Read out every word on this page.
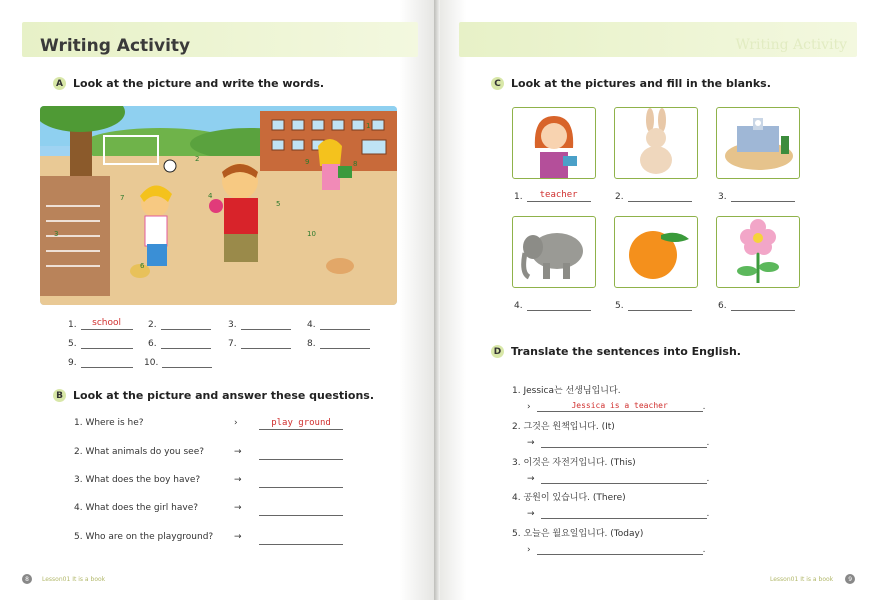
Writing Activity
A Look at the picture and write the words.
1
2
3
4
5
6
7
8
9
10
1.	school	2.	3.	4.
5.	6.	7.	8.
9.	10.
B Look at the picture and answer these questions.
1. Where is he?	›	play ground
2. What animals do you see?	→
3. What does the boy have?	→
4. What does the girl have?	→
5. Who are on the playground? →
8	Lesson01 It is a book
Writing Activity
C Look at the pictures and fill in the blanks.
1.	teacher	2.	3.
4.	5.	6.
D Translate the sentences into English.
1. Jessica는 선생님입니다.
›	Jessica is a teacher	.
2. 그것은 원책입니다. (It)
→	.
3. 이것은 자전거입니다. (This)
→	.
4. 공원이 있습니다. (There)
→	.
5. 오늘은 월요일입니다. (Today)
›	.
Lesson01 It is a book	9
